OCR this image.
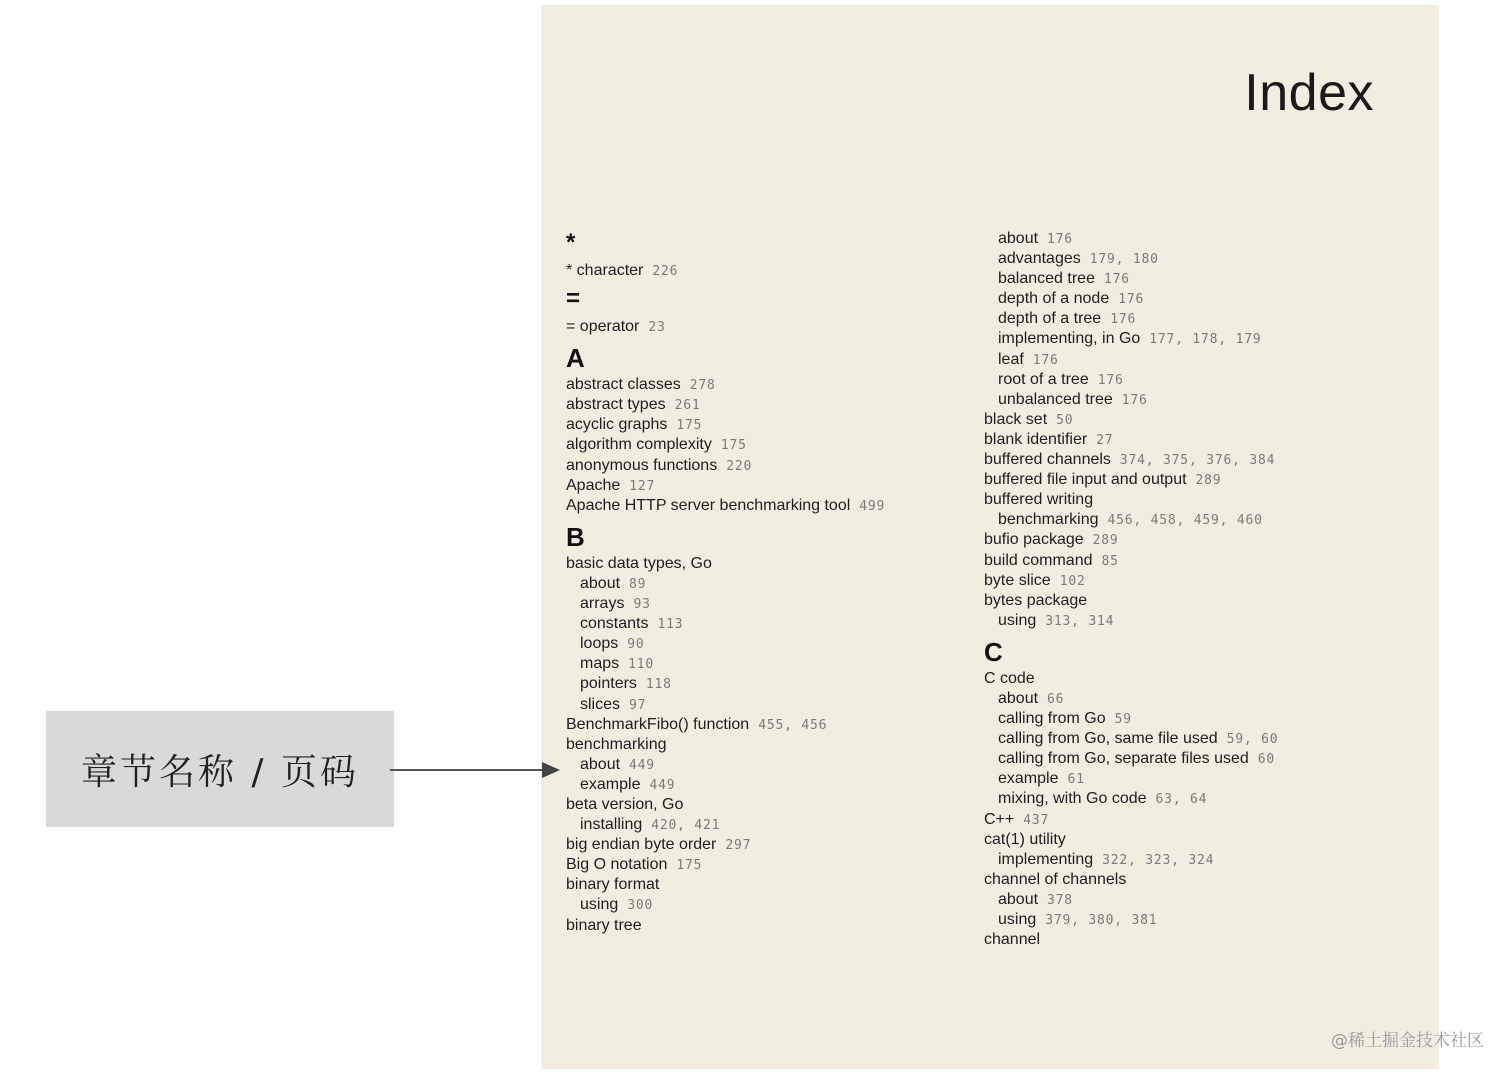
Index
*
* character 226
=
= operator 23
A
abstract classes 278
abstract types 261
acyclic graphs 175
algorithm complexity 175
anonymous functions 220
Apache 127
Apache HTTP server benchmarking tool 499
B
basic data types, Go
about 89
arrays 93
constants 113
loops 90
maps 110
pointers 118
slices 97
BenchmarkFibo() function 455, 456
benchmarking
about 449
example 449
beta version, Go
installing 420, 421
big endian byte order 297
Big O notation 175
binary format
using 300
binary tree
about 176
advantages 179, 180
balanced tree 176
depth of a node 176
depth of a tree 176
implementing, in Go 177, 178, 179
leaf 176
root of a tree 176
unbalanced tree 176
black set 50
blank identifier 27
buffered channels 374, 375, 376, 384
buffered file input and output 289
buffered writing
benchmarking 456, 458, 459, 460
bufio package 289
build command 85
byte slice 102
bytes package
using 313, 314
C
C code
about 66
calling from Go 59
calling from Go, same file used 59, 60
calling from Go, separate files used 60
example 61
mixing, with Go code 63, 64
C++ 437
cat(1) utility
implementing 322, 323, 324
channel of channels
about 378
using 379, 380, 381
channel
章节名称 / 页码
@稀土掘金技术社区
